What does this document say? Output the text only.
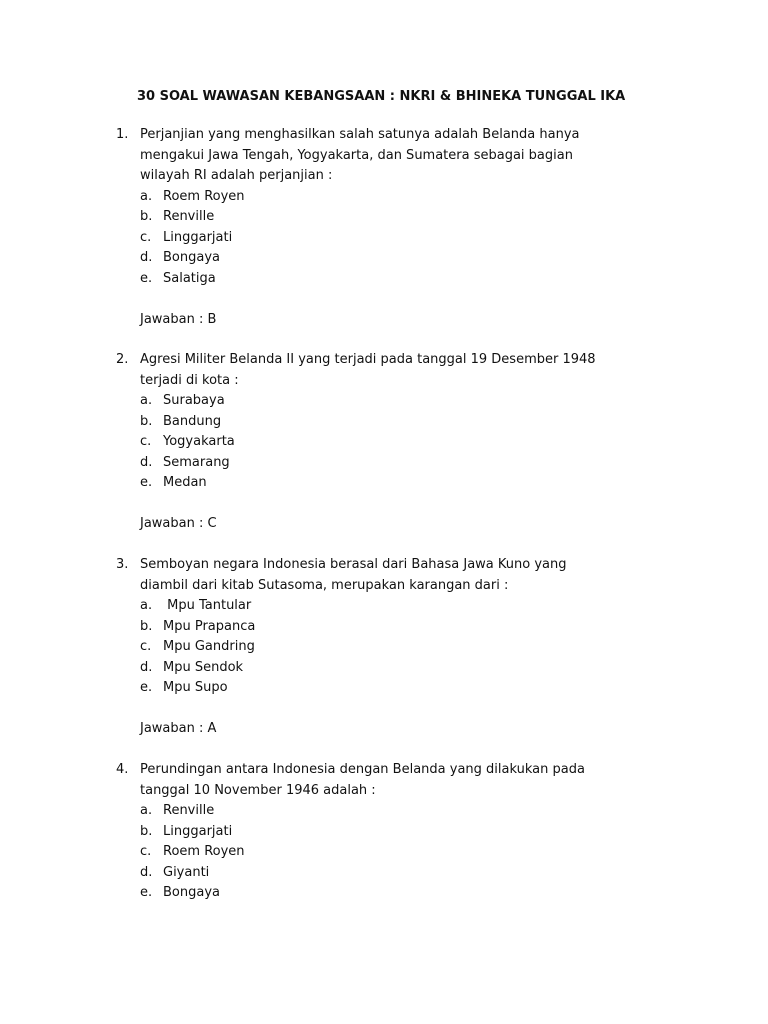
30 SOAL WAWASAN KEBANGSAAN : NKRI & BHINEKA TUNGGAL IKA
1. Perjanjian yang menghasilkan salah satunya adalah Belanda hanya
mengakui Jawa Tengah, Yogyakarta, dan Sumatera sebagai bagian
wilayah RI adalah perjanjian :
a. Roem Royen
b. Renville
c. Linggarjati
d. Bongaya
e. Salatiga
Jawaban : B
2. Agresi Militer Belanda II yang terjadi pada tanggal 19 Desember 1948
terjadi di kota :
a. Surabaya
b. Bandung
c. Yogyakarta
d. Semarang
e. Medan
Jawaban : C
3. Semboyan negara Indonesia berasal dari Bahasa Jawa Kuno yang
diambil dari kitab Sutasoma, merupakan karangan dari :
a. Mpu Tantular
b. Mpu Prapanca
c. Mpu Gandring
d. Mpu Sendok
e. Mpu Supo
Jawaban : A
4. Perundingan antara Indonesia dengan Belanda yang dilakukan pada
tanggal 10 November 1946 adalah :
a. Renville
b. Linggarjati
c. Roem Royen
d. Giyanti
e. Bongaya
